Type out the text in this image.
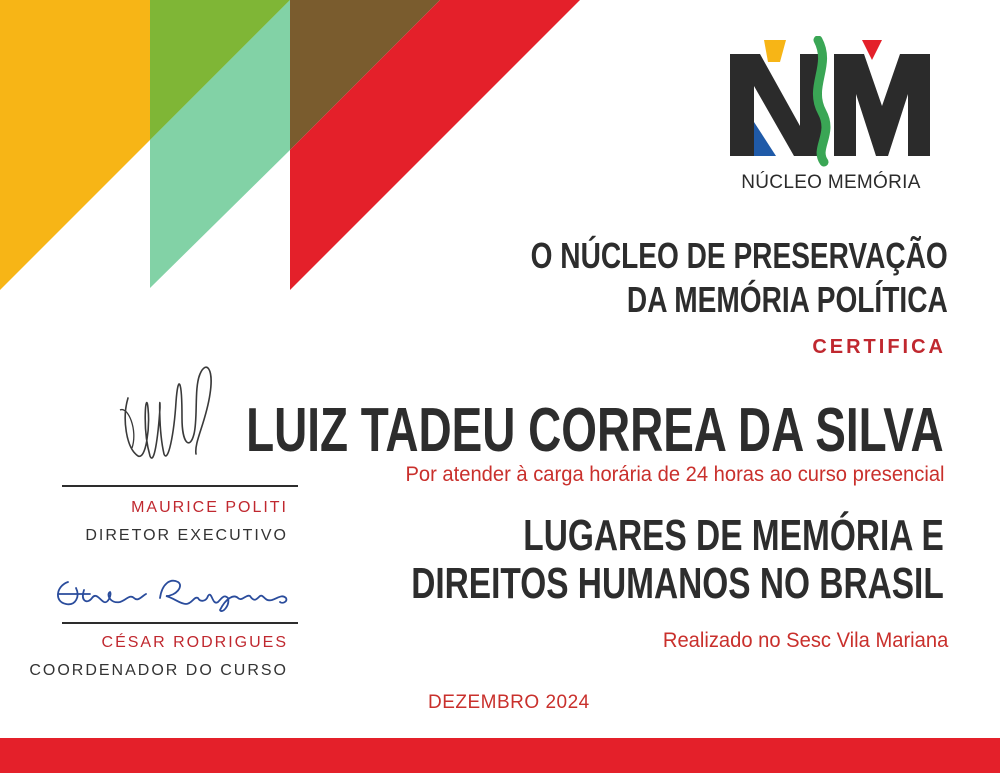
NÚCLEO MEMÓRIA
O NÚCLEO DE PRESERVAÇÃO
DA MEMÓRIA POLÍTICA
CERTIFICA
LUIZ TADEU CORREA DA SILVA
Por atender à carga horária de 24 horas ao curso presencial
LUGARES DE MEMÓRIA E
DIREITOS HUMANOS NO BRASIL
Realizado no Sesc Vila Mariana
DEZEMBRO 2024
MAURICE POLITI
DIRETOR EXECUTIVO
CÉSAR RODRIGUES
COORDENADOR DO CURSO
